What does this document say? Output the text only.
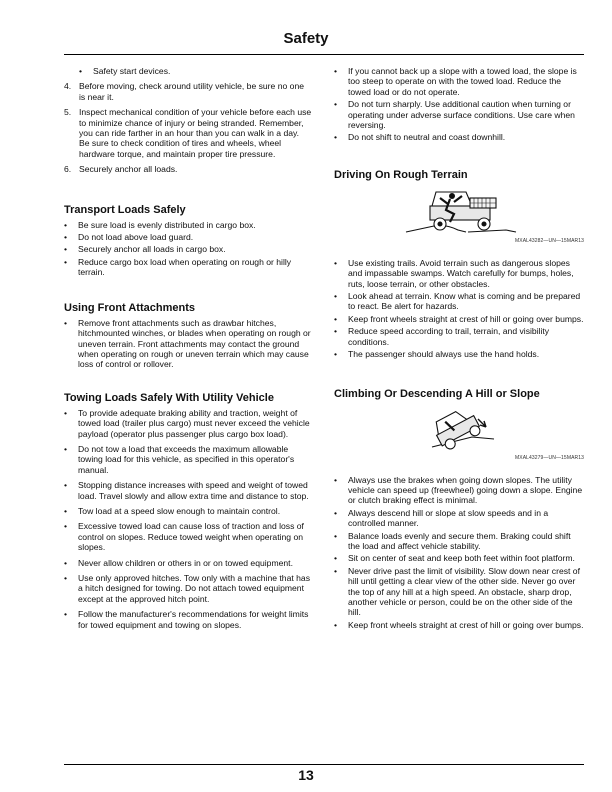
Safety
•	Safety start devices.
4. Before moving, check around utility vehicle, be sure no one is near it.
5. Inspect mechanical condition of your vehicle before each use to minimize chance of injury or being stranded. Remember, you can ride farther in an hour than you can walk in a day.
Be sure to check condition of tires and wheels, wheel hardware torque, and maintain proper tire pressure.
6. Securely anchor all loads.
Transport Loads Safely
•	Be sure load is evenly distributed in cargo box.
•	Do not load above load guard.
•	Securely anchor all loads in cargo box.
•	Reduce cargo box load when operating on rough or hilly terrain.
Using Front Attachments
•	Remove front attachments such as drawbar hitches, hitchmounted winches, or blades when operating on rough or uneven terrain. Front attachments may contact the ground when operating on rough or uneven terrain which may cause loss of control or rollover.
Towing Loads Safely With Utility Vehicle
•	To provide adequate braking ability and traction, weight of towed load (trailer plus cargo) must never exceed the vehicle payload (operator plus passenger plus cargo box load).
•	Do not tow a load that exceeds the maximum allowable towing load for this vehicle, as specified in this operator's manual.
•	Stopping distance increases with speed and weight of towed load. Travel slowly and allow extra time and distance to stop.
•	Tow load at a speed slow enough to maintain control.
•	Excessive towed load can cause loss of traction and loss of control on slopes. Reduce towed weight when operating on slopes.
•	Never allow children or others in or on towed equipment.
•	Use only approved hitches. Tow only with a machine that has a hitch designed for towing. Do not attach towed equipment except at the approved hitch point.
•	Follow the manufacturer's recommendations for weight limits for towed equipment and towing on slopes.
•	If you cannot back up a slope with a towed load, the slope is too steep to operate on with the towed load. Reduce the towed load or do not operate.
•	Do not turn sharply. Use additional caution when turning or operating under adverse surface conditions. Use care when reversing.
•	Do not shift to neutral and coast downhill.
Driving On Rough Terrain
MXAL43282—UN—15MAR13
•	Use existing trails. Avoid terrain such as dangerous slopes and impassable swamps. Watch carefully for bumps, holes, ruts, loose terrain, or other obstacles.
•	Look ahead at terrain. Know what is coming and be prepared to react. Be alert for hazards.
•	Keep front wheels straight at crest of hill or going over bumps.
•	Reduce speed according to trail, terrain, and visibility conditions.
•	The passenger should always use the hand holds.
Climbing Or Descending A Hill or Slope
MXAL43279—UN—15MAR13
•	Always use the brakes when going down slopes. The utility vehicle can speed up (freewheel) going down a slope. Engine or clutch braking effect is minimal.
•	Always descend hill or slope at slow speeds and in a controlled manner.
•	Balance loads evenly and secure them. Braking could shift the load and affect vehicle stability.
•	Sit on center of seat and keep both feet within foot platform.
•	Never drive past the limit of visibility. Slow down near crest of hill until getting a clear view of the other side. Never go over the top of any hill at a high speed. An obstacle, sharp drop, another vehicle or person, could be on the other side of the hill.
•	Keep front wheels straight at crest of hill or going over bumps.
13
